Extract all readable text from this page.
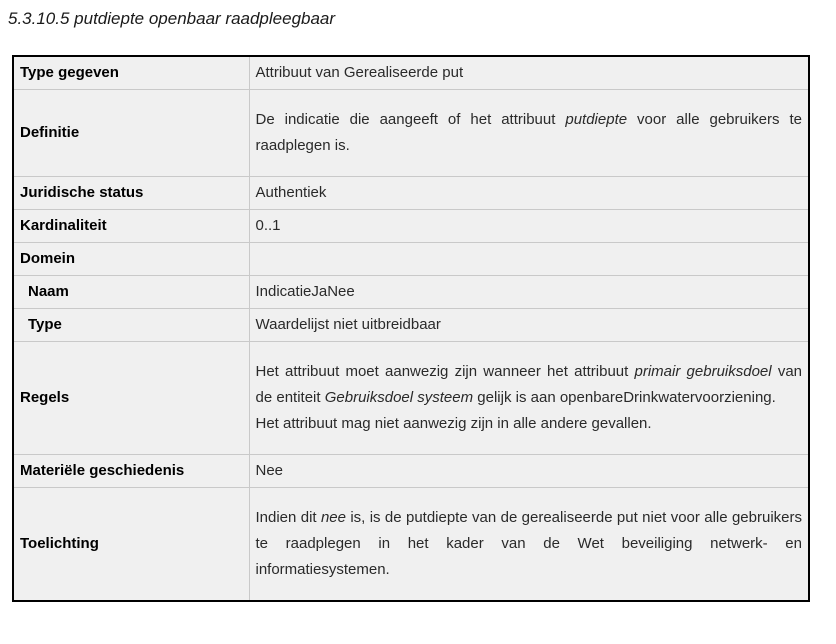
5.3.10.5 putdiepte openbaar raadpleegbaar
Type gegeven	Attribuut van Gerealiseerde put

Definitie	De indicatie die aangeeft of het attribuut putdiepte voor alle gebruikers te raadplegen is.

Juridische status	Authentiek

Kardinaliteit	0..1

Domein	
Naam	IndicatieJaNee

Type	Waardelijst niet uitbreidbaar

Regels	Het attribuut moet aanwezig zijn wanneer het attribuut primair gebruiksdoel van de entiteit Gebruiksdoel systeem gelijk is aan openbareDrinkwatervoorziening.
Het attribuut mag niet aanwezig zijn in alle andere gevallen.

Materiële geschiedenis	Nee

Toelichting	Indien dit nee is, is de putdiepte van de gerealiseerde put niet voor alle gebruikers te raadplegen in het kader van de Wet beveiliging netwerk- en informatiesystemen.
